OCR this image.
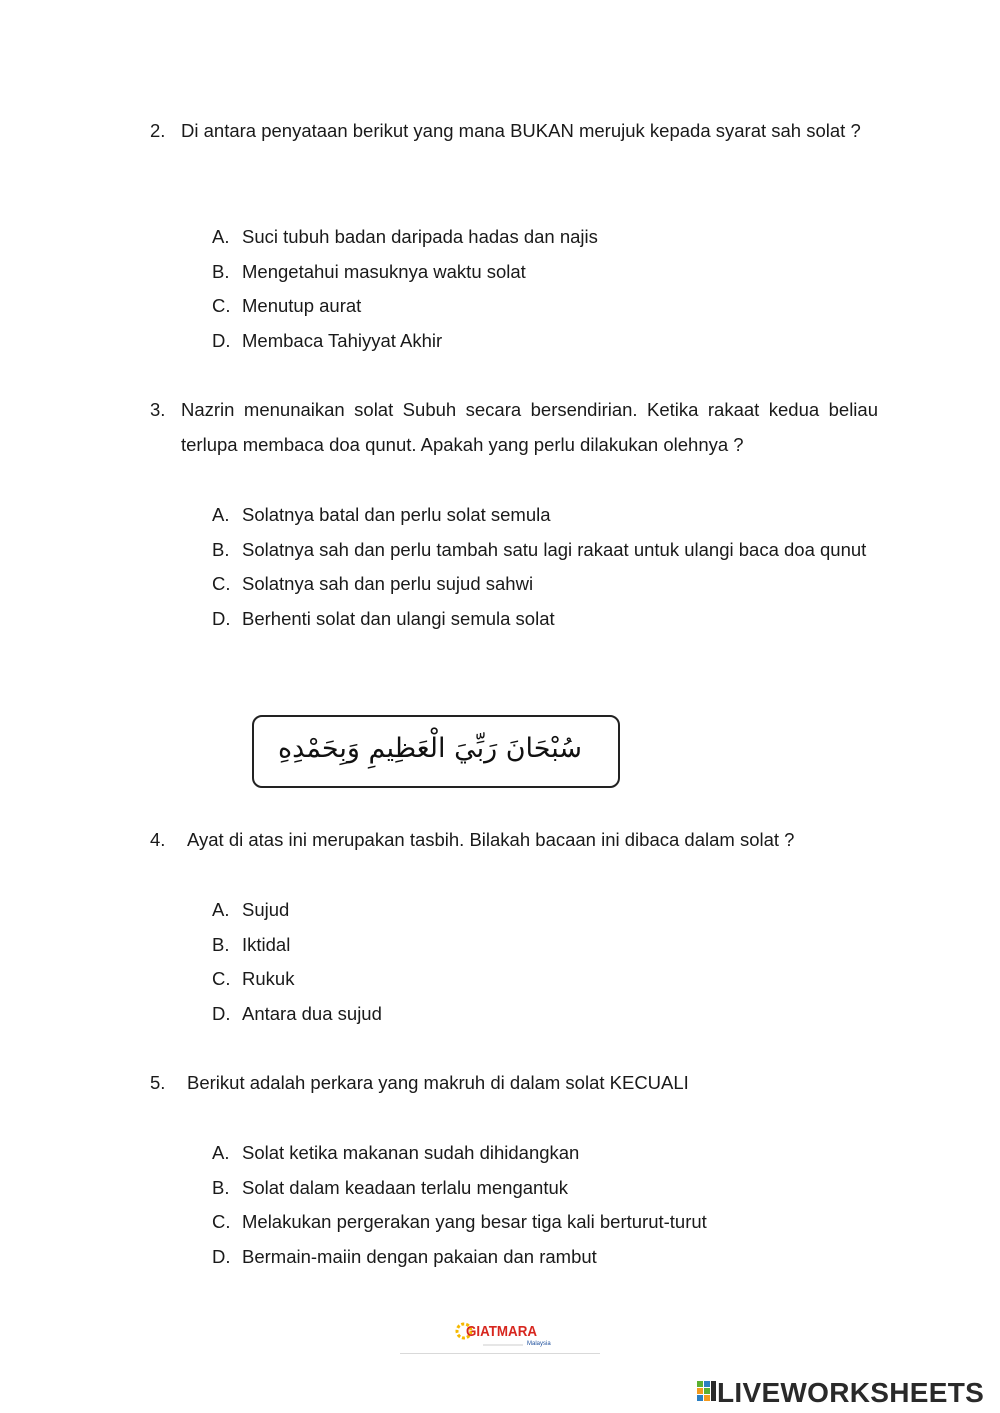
2. Di antara penyataan berikut yang mana BUKAN merujuk kepada syarat sah solat ?
A. Suci tubuh badan daripada hadas dan najis
B. Mengetahui masuknya waktu solat
C. Menutup aurat
D. Membaca Tahiyyat Akhir
3. Nazrin menunaikan solat Subuh secara bersendirian. Ketika rakaat kedua beliau terlupa membaca doa qunut. Apakah yang perlu dilakukan olehnya ?
A. Solatnya batal dan perlu solat semula
B. Solatnya sah dan perlu tambah satu lagi rakaat untuk ulangi baca doa qunut
C. Solatnya sah dan perlu sujud sahwi
D. Berhenti solat dan ulangi semula solat
سُبْحَانَ رَبِّيَ الْعَظِيمِ وَبِحَمْدِهِ
4.	Ayat di atas ini merupakan tasbih. Bilakah bacaan ini dibaca dalam solat ?
A. Sujud
B. Iktidal
C. Rukuk
D. Antara dua sujud
5.	Berikut adalah perkara yang makruh di dalam solat KECUALI
A. Solat ketika makanan sudah dihidangkan
B. Solat dalam keadaan terlalu mengantuk
C. Melakukan pergerakan yang besar tiga kali berturut-turut
D. Bermain-maiin dengan pakaian dan rambut
GIATMARA
Malaysia
LIVEWORKSHEETS
